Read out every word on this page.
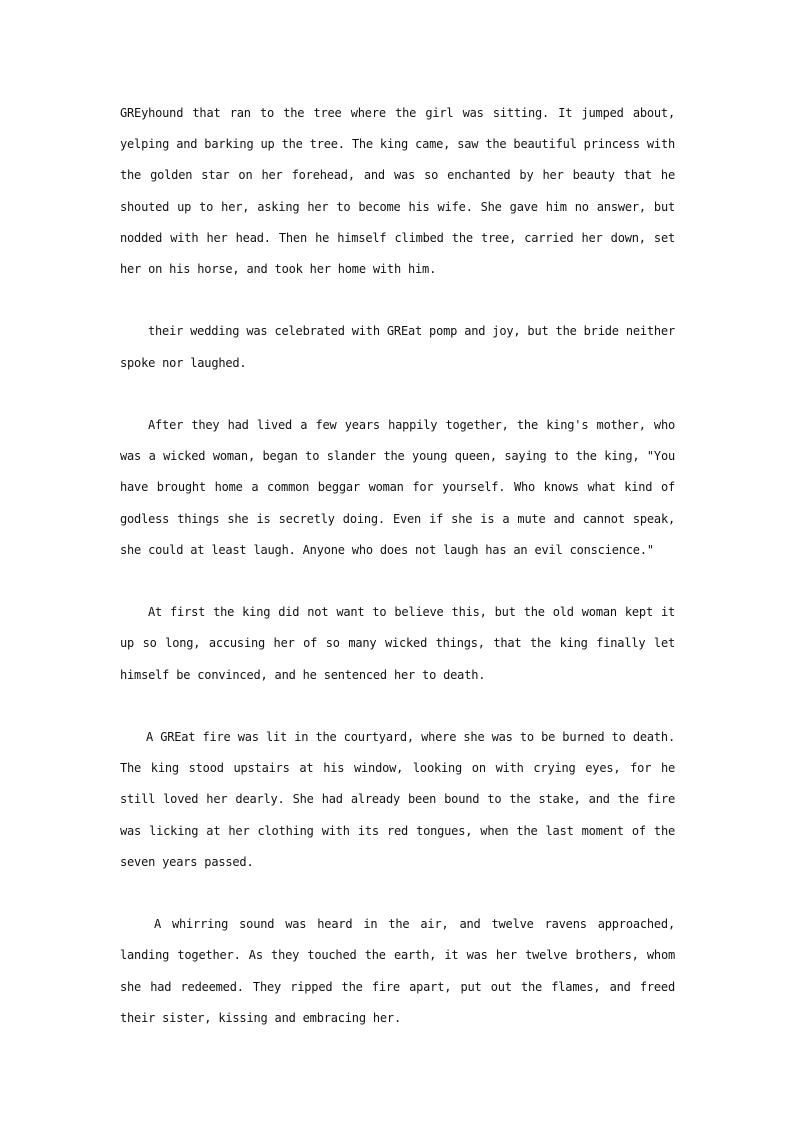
GREyhound that ran to the tree where the girl was sitting. It jumped about, yelping and barking up the tree. The king came, saw the beautiful princess with the golden star on her forehead, and was so enchanted by her beauty that he shouted up to her, asking her to become his wife. She gave him no answer, but nodded with her head. Then he himself climbed the tree, carried her down, set her on his horse, and took her home with him.

their wedding was celebrated with GREat pomp and joy, but the bride neither spoke nor laughed.

After they had lived a few years happily together, the king's mother, who was a wicked woman, began to slander the young queen, saying to the king, "You have brought home a common beggar woman for yourself. Who knows what kind of godless things she is secretly doing. Even if she is a mute and cannot speak, she could at least laugh. Anyone who does not laugh has an evil conscience."

At first the king did not want to believe this, but the old woman kept it up so long, accusing her of so many wicked things, that the king finally let himself be convinced, and he sentenced her to death.

A GREat fire was lit in the courtyard, where she was to be burned to death. The king stood upstairs at his window, looking on with crying eyes, for he still loved her dearly. She had already been bound to the stake, and the fire was licking at her clothing with its red tongues, when the last moment of the seven years passed.

A whirring sound was heard in the air, and twelve ravens approached, landing together. As they touched the earth, it was her twelve brothers, whom she had redeemed. They ripped the fire apart, put out the flames, and freed their sister, kissing and embracing her.
